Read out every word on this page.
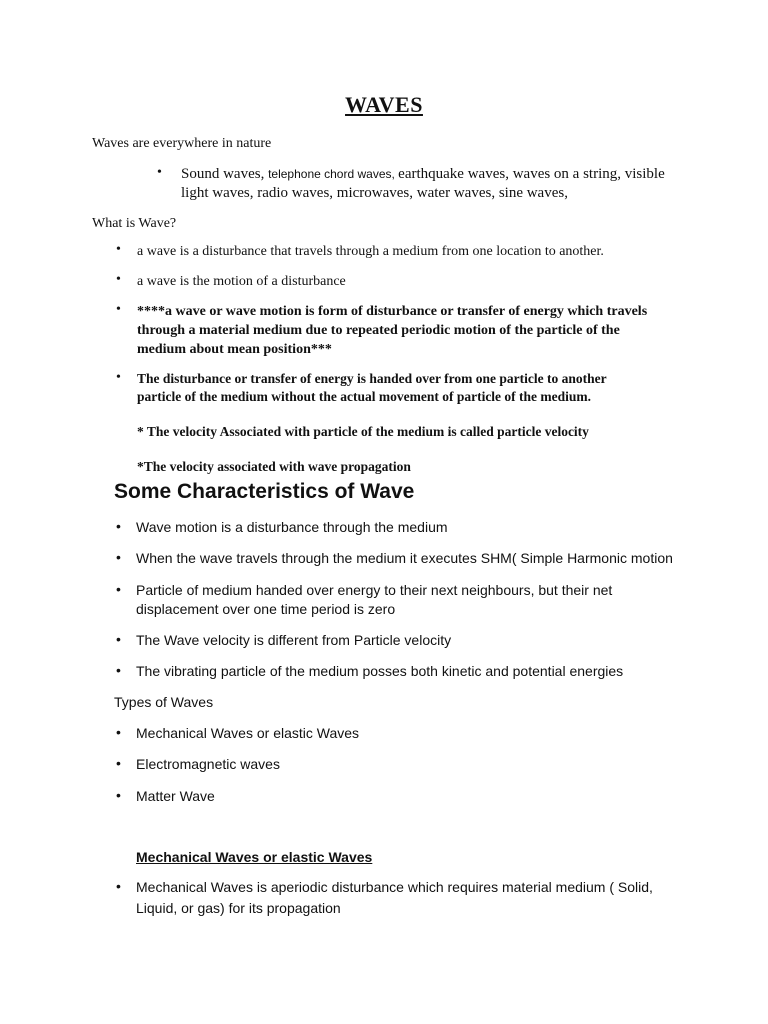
WAVES
Waves are everywhere in nature
• Sound waves, telephone chord waves, earthquake waves, waves on a string, visible
light waves, radio waves, microwaves, water waves, sine waves,
What is Wave?
• a wave is a disturbance that travels through a medium from one location to another.
• a wave is the motion of a disturbance
• ****a wave or wave motion is form of disturbance or transfer of energy which travels
through a material medium due to repeated periodic motion of the particle of the
medium about mean position***
• The disturbance or transfer of energy is handed over from one particle to another
particle of the medium without the actual movement of particle of the medium.
* The velocity Associated with particle of the medium is called particle velocity
*The velocity associated with wave propagation
Some Characteristics of Wave
• Wave motion is a disturbance through the medium
• When the wave travels through the medium it executes SHM( Simple Harmonic motion
• Particle of medium handed over energy to their next neighbours, but their net
displacement over one time period is zero
• The Wave velocity is different from Particle velocity
• The vibrating particle of the medium posses both kinetic and potential energies
Types of Waves
• Mechanical Waves or elastic Waves
• Electromagnetic waves
• Matter Wave
Mechanical Waves or elastic Waves
• Mechanical Waves is aperiodic disturbance which requires material medium ( Solid,
Liquid, or gas) for its propagation
